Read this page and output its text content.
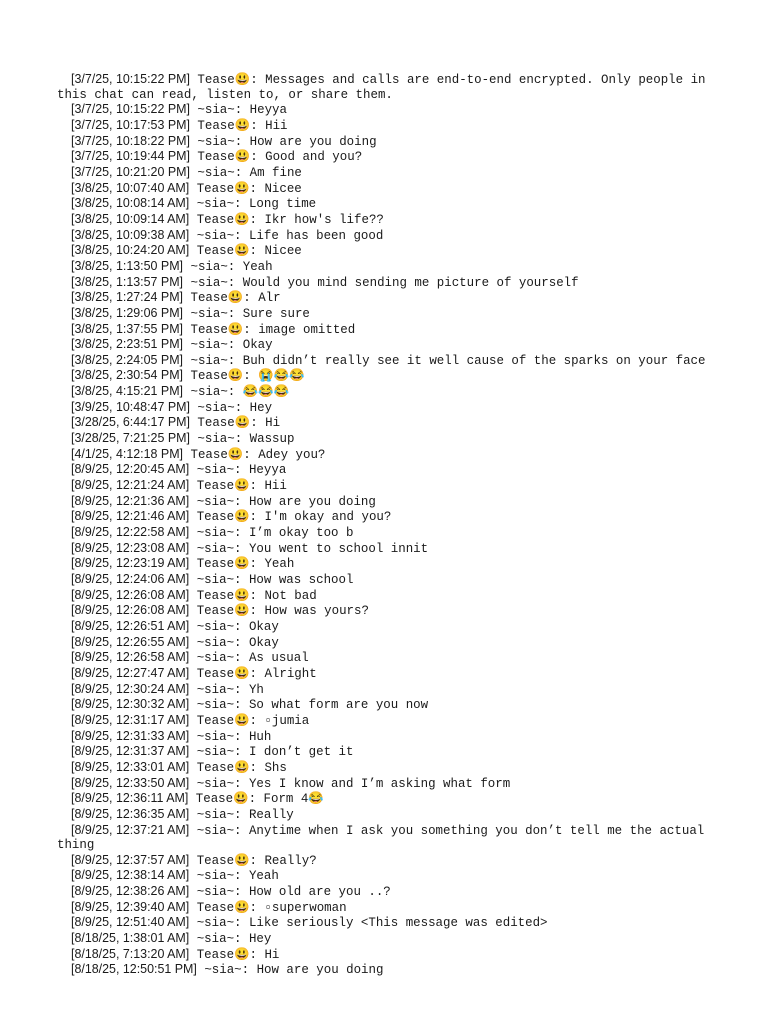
[3/7/25, 10:15:22 PM] Tease😃: Messages and calls are end-to-end encrypted. Only people in this chat can read, listen to, or share them.

[3/7/25, 10:15:22 PM] ~sia~: Heyya

[3/7/25, 10:17:53 PM] Tease😃: Hii

[3/7/25, 10:18:22 PM] ~sia~: How are you doing

[3/7/25, 10:19:44 PM] Tease😃: Good and you?

[3/7/25, 10:21:20 PM] ~sia~: Am fine

[3/8/25, 10:07:40 AM] Tease😃: Nicee

[3/8/25, 10:08:14 AM] ~sia~: Long time

[3/8/25, 10:09:14 AM] Tease😃: Ikr how's life??

[3/8/25, 10:09:38 AM] ~sia~: Life has been good

[3/8/25, 10:24:20 AM] Tease😃: Nicee

[3/8/25, 1:13:50 PM] ~sia~: Yeah

[3/8/25, 1:13:57 PM] ~sia~: Would you mind sending me picture of yourself

[3/8/25, 1:27:24 PM] Tease😃: Alr

[3/8/25, 1:29:06 PM] ~sia~: Sure sure

[3/8/25, 1:37:55 PM] Tease😃: image omitted

[3/8/25, 2:23:51 PM] ~sia~: Okay

[3/8/25, 2:24:05 PM] ~sia~: Buh didn’t really see it well cause of the sparks on your face

[3/8/25, 2:30:54 PM] Tease😃: 😭😂😂

[3/8/25, 4:15:21 PM] ~sia~: 😂😂😂

[3/9/25, 10:48:47 PM] ~sia~: Hey

[3/28/25, 6:44:17 PM] Tease😃: Hi

[3/28/25, 7:21:25 PM] ~sia~: Wassup

[4/1/25, 4:12:18 PM] Tease😃: Adey you?

[8/9/25, 12:20:45 AM] ~sia~: Heyya

[8/9/25, 12:21:24 AM] Tease😃: Hii

[8/9/25, 12:21:36 AM] ~sia~: How are you doing

[8/9/25, 12:21:46 AM] Tease😃: I'm okay and you?

[8/9/25, 12:22:58 AM] ~sia~: I’m okay too b

[8/9/25, 12:23:08 AM] ~sia~: You went to school innit

[8/9/25, 12:23:19 AM] Tease😃: Yeah

[8/9/25, 12:24:06 AM] ~sia~: How was school

[8/9/25, 12:26:08 AM] Tease😃: Not bad

[8/9/25, 12:26:08 AM] Tease😃: How was yours?

[8/9/25, 12:26:51 AM] ~sia~: Okay

[8/9/25, 12:26:55 AM] ~sia~: Okay

[8/9/25, 12:26:58 AM] ~sia~: As usual

[8/9/25, 12:27:47 AM] Tease😃: Alright

[8/9/25, 12:30:24 AM] ~sia~: Yh

[8/9/25, 12:30:32 AM] ~sia~: So what form are you now

[8/9/25, 12:31:17 AM] Tease😃: ▫jumia

[8/9/25, 12:31:33 AM] ~sia~: Huh

[8/9/25, 12:31:37 AM] ~sia~: I don’t get it

[8/9/25, 12:33:01 AM] Tease😃: Shs

[8/9/25, 12:33:50 AM] ~sia~: Yes I know and I’m asking what form

[8/9/25, 12:36:11 AM] Tease😃: Form 4😂

[8/9/25, 12:36:35 AM] ~sia~: Really

[8/9/25, 12:37:21 AM] ~sia~: Anytime when I ask you something you don’t tell me the actual thing

[8/9/25, 12:37:57 AM] Tease😃: Really?

[8/9/25, 12:38:14 AM] ~sia~: Yeah

[8/9/25, 12:38:26 AM] ~sia~: How old are you ..?

[8/9/25, 12:39:40 AM] Tease😃: ▫superwoman

[8/9/25, 12:51:40 AM] ~sia~: Like seriously <This message was edited>

[8/18/25, 1:38:01 AM] ~sia~: Hey

[8/18/25, 7:13:20 AM] Tease😃: Hi

[8/18/25, 12:50:51 PM] ~sia~: How are you doing
